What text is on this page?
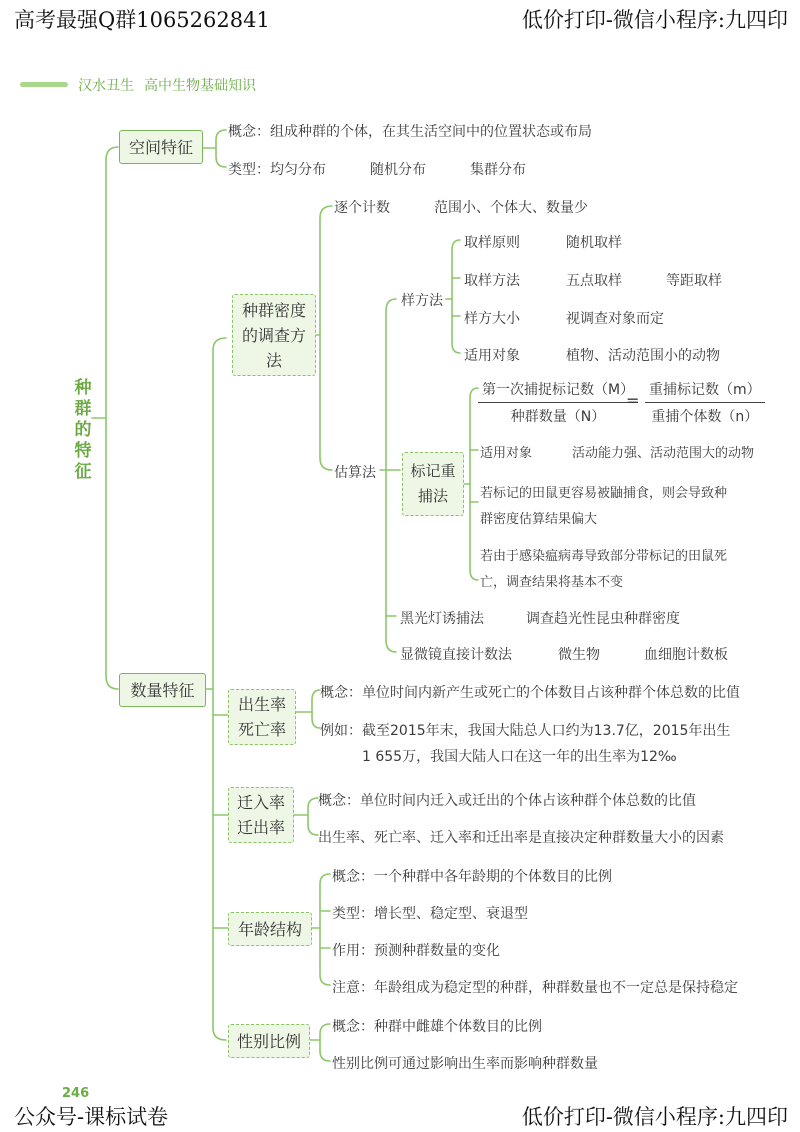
高考最强Q群1065262841	低价打印-微信小程序:九四印
汉水丑生 高中生物基础知识
种群的特征
空间特征
概念：组成种群的个体，在其生活空间中的位置状态或布局
类型： 均匀分布	随机分布	集群分布
数量特征
种群密度的调查方法
逐个计数	范围小、个体大、数量少
估算法
样方法
取样原则	随机取样
取样方法	五点取样	等距取样
样方大小	视调查对象而定
适用对象	植物、活动范围小的动物
标记重捕法
第一次捕捉标记数（M）
种群数量（N）
=
重捕标记数（m）
重捕个体数（n）
适用对象	活动能力强、活动范围大的动物
若标记的田鼠更容易被鼬捕食，则会导致种
群密度估算结果偏大
若由于感染瘟病毒导致部分带标记的田鼠死
亡，调查结果将基本不变
黑光灯诱捕法	调查趋光性昆虫种群密度
显微镜直接计数法	微生物	血细胞计数板
出生率
死亡率
概念：单位时间内新产生或死亡的个体数目占该种群个体总数的比值
例如：截至2015年末，我国大陆总人口约为13.7亿，2015年出生
1 655万，我国大陆人口在这一年的出生率为12‰
迁入率
迁出率
概念：单位时间内迁入或迁出的个体占该种群个体总数的比值
出生率、死亡率、迁入率和迁出率是直接决定种群数量大小的因素
年龄结构
概念：一个种群中各年龄期的个体数目的比例
类型：增长型、稳定型、衰退型
作用：预测种群数量的变化
注意：年龄组成为稳定型的种群，种群数量也不一定总是保持稳定
性别比例
概念：种群中雌雄个体数目的比例
性别比例可通过影响出生率而影响种群数量
246
公众号-课标试卷	低价打印-微信小程序:九四印
